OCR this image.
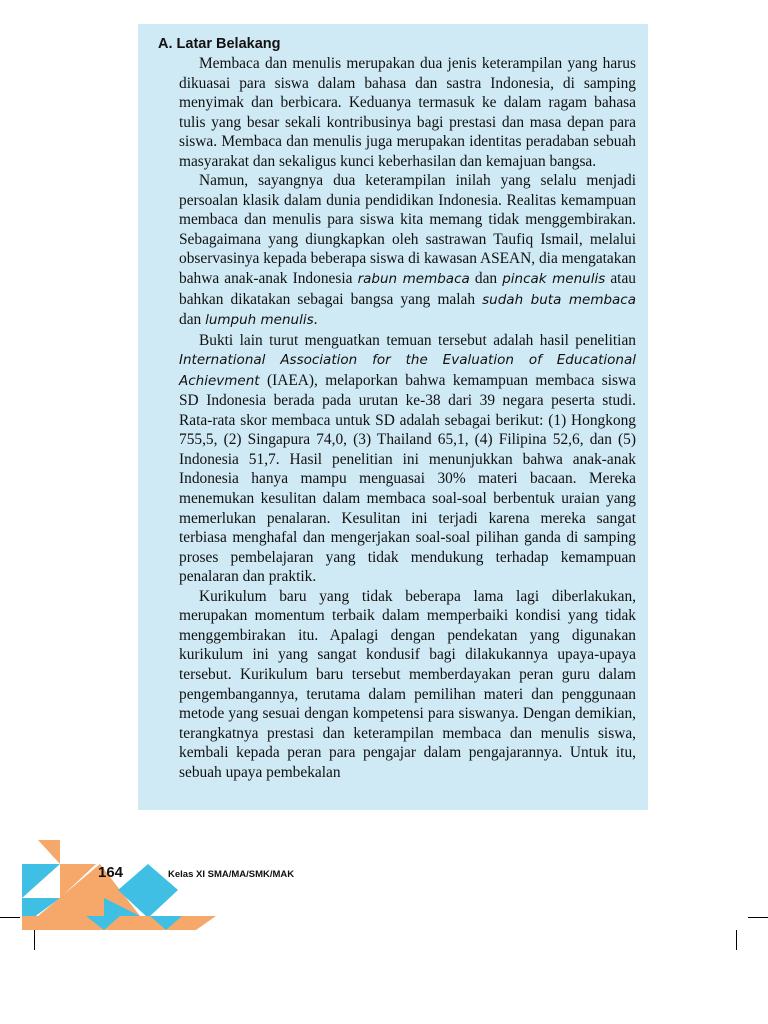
A. Latar Belakang

Membaca dan menulis merupakan dua jenis keterampilan yang harus dikuasai para siswa dalam bahasa dan sastra Indonesia, di samping menyimak dan berbicara. Keduanya termasuk ke dalam ragam bahasa tulis yang besar sekali kontribusinya bagi prestasi dan masa depan para siswa. Membaca dan menulis juga merupakan identitas peradaban sebuah masyarakat dan sekaligus kunci keberhasilan dan kemajuan bangsa.

Namun, sayangnya dua keterampilan inilah yang selalu menjadi persoalan klasik dalam dunia pendidikan Indonesia. Realitas kemampuan membaca dan menulis para siswa kita memang tidak menggembirakan. Sebagaimana yang diungkapkan oleh sastrawan Taufiq Ismail, melalui observasinya kepada beberapa siswa di kawasan ASEAN, dia mengatakan bahwa anak-anak Indonesia rabun membaca dan pincak menulis atau bahkan dikatakan sebagai bangsa yang malah sudah buta membaca dan lumpuh menulis.

Bukti lain turut menguatkan temuan tersebut adalah hasil penelitian International Association for the Evaluation of Educational Achievment (IAEA), melaporkan bahwa kemampuan membaca siswa SD Indonesia berada pada urutan ke-38 dari 39 negara peserta studi. Rata-rata skor membaca untuk SD adalah sebagai berikut: (1) Hongkong 755,5, (2) Singapura 74,0, (3) Thailand 65,1, (4) Filipina 52,6, dan (5) Indonesia 51,7. Hasil penelitian ini menunjukkan bahwa anak-anak Indonesia hanya mampu menguasai 30% materi bacaan. Mereka menemukan kesulitan dalam membaca soal-soal berbentuk uraian yang memerlukan penalaran. Kesulitan ini terjadi karena mereka sangat terbiasa menghafal dan mengerjakan soal-soal pilihan ganda di samping proses pembelajaran yang tidak mendukung terhadap kemampuan penalaran dan praktik.

Kurikulum baru yang tidak beberapa lama lagi diberlakukan, merupakan momentum terbaik dalam memperbaiki kondisi yang tidak menggembirakan itu. Apalagi dengan pendekatan yang digunakan kurikulum ini yang sangat kondusif bagi dilakukannya upaya-upaya tersebut. Kurikulum baru tersebut memberdayakan peran guru dalam pengembangannya, terutama dalam pemilihan materi dan penggunaan metode yang sesuai dengan kompetensi para siswanya. Dengan demikian, terangkatnya prestasi dan keterampilan membaca dan menulis siswa, kembali kepada peran para pengajar dalam pengajarannya. Untuk itu, sebuah upaya pembekalan

164	Kelas XI SMA/MA/SMK/MAK
